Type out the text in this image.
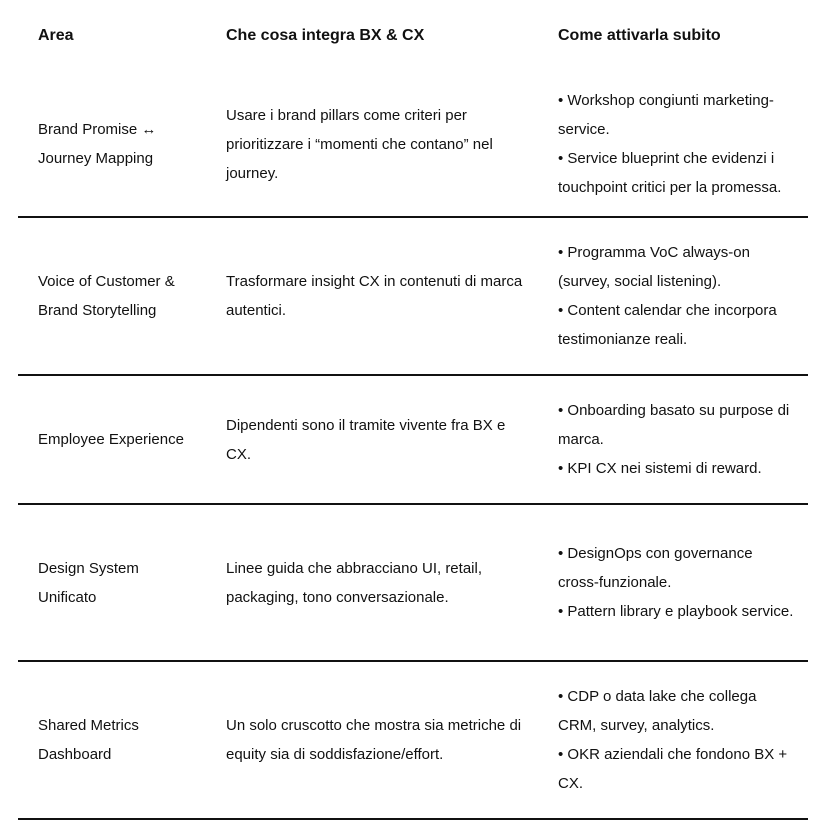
Area	Che cosa integra BX & CX	Come attivarla subito
Brand Promise ↔ Journey Mapping	Usare i brand pillars come criteri per prioritizzare i “momenti che contano” nel journey.	• Workshop congiunti marketing-service.
• Service blueprint che evidenzi i touchpoint critici per la promessa.

Voice of Customer & Brand Storytelling	Trasformare insight CX in contenuti di marca autentici.	• Programma VoC always-on (survey, social listening).
• Content calendar che incorpora testimonianze reali.

Employee Experience	Dipendenti sono il tramite vivente fra BX e CX.	• Onboarding basato su purpose di marca.
• KPI CX nei sistemi di reward.

Design System Unificato	Linee guida che abbracciano UI, retail, packaging, tono conversazionale.	• DesignOps con governance cross-funzionale.
• Pattern library e playbook service.

Shared Metrics Dashboard	Un solo cruscotto che mostra sia metriche di equity sia di soddisfazione/effort.	• CDP o data lake che collega CRM, survey, analytics.
• OKR aziendali che fondono BX + CX.
